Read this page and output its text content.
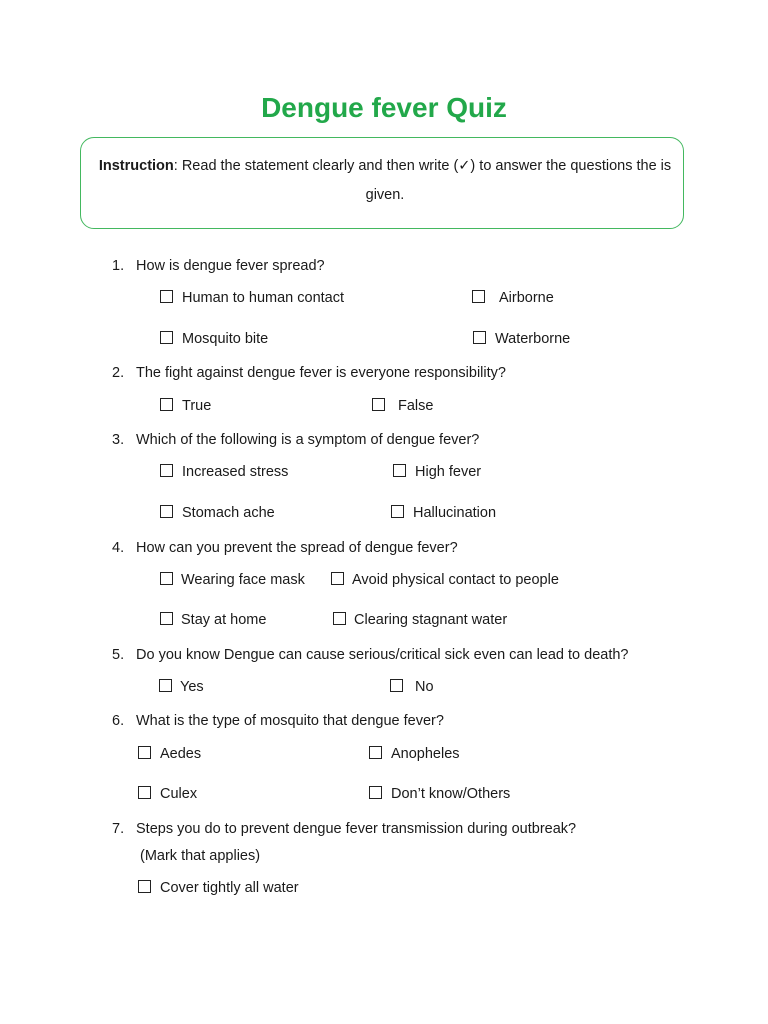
Dengue fever Quiz
Instruction: Read the statement clearly and then write (✓) to answer the questions the is given.
1. How is dengue fever spread?
Human to human contact	Airborne
Mosquito bite	Waterborne
2. The fight against dengue fever is everyone responsibility?
True	False
3. Which of the following is a symptom of dengue fever?
Increased stress	High fever
Stomach ache	Hallucination
4. How can you prevent the spread of dengue fever?
Wearing face mask	Avoid physical contact to people
Stay at home	Clearing stagnant water
5. Do you know Dengue can cause serious/critical sick even can lead to death?
Yes	No
6. What is the type of mosquito that dengue fever?
Aedes	Anopheles
Culex	Don’t know/Others
7. Steps you do to prevent dengue fever transmission during outbreak?
(Mark that applies)
Cover tightly all water
